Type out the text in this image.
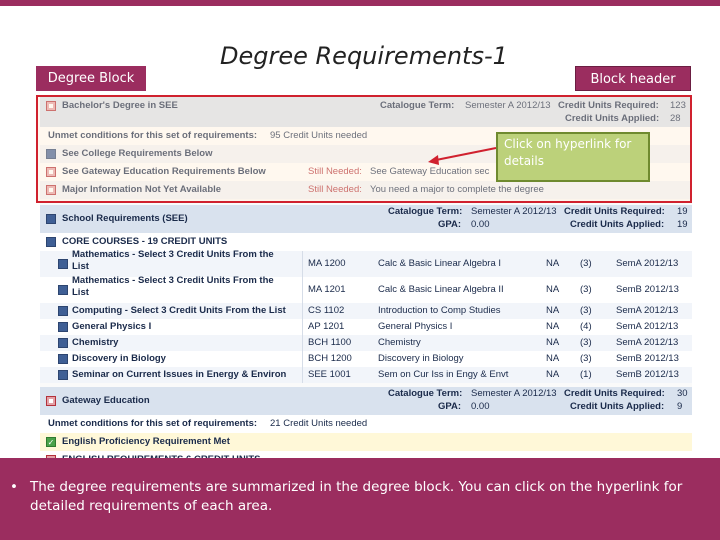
Degree Block
Degree Requirements-1
Block header
Bachelor's Degree in SEE	Catalogue Term: Semester A 2012/13 Credit Units Required: 123
Credit Units Applied: 28
Unmet conditions for this set of requirements: 95 Credit Units needed
See College Requirements Below
See Gateway Education Requirements Below	Still Needed: See Gateway Education sec
Major Information Not Yet Available	Still Needed: You need a major to complete the degree
School Requirements (SEE)
Catalogue Term: Semester A 2012/13 Credit Units Required: 19
GPA: 0.00	Credit Units Applied: 19
CORE COURSES - 19 CREDIT UNITS
Mathematics - Select 3 Credit Units From the List	MA 1200	Calc & Basic Linear Algebra I	NA (3)	SemA 2012/13
Mathematics - Select 3 Credit Units From the List	MA 1201	Calc & Basic Linear Algebra II	NA (3)	SemB 2012/13
Computing - Select 3 Credit Units From the List CS 1102	Introduction to Comp Studies	NA (3)	SemA 2012/13
General Physics I	AP 1201	General Physics I	NA (4)	SemA 2012/13
Chemistry	BCH 1100	Chemistry	NA (3)	SemA 2012/13
Discovery in Biology	BCH 1200	Discovery in Biology	NA (3)	SemB 2012/13
Seminar on Current Issues in Energy & Environ SEE 1001	Sem on Cur Iss in Engy & Envt	NA (1)	SemB 2012/13
Gateway Education
Catalogue Term: Semester A 2012/13 Credit Units Required: 30
GPA: 0.00	Credit Units Applied: 9
Unmet conditions for this set of requirements: 21 Credit Units needed
✓ English Proficiency Requirement Met
Click on hyperlink for details
• The degree requirements are summarized in the degree block. You can click on the hyperlink for detailed requirements of each area.
